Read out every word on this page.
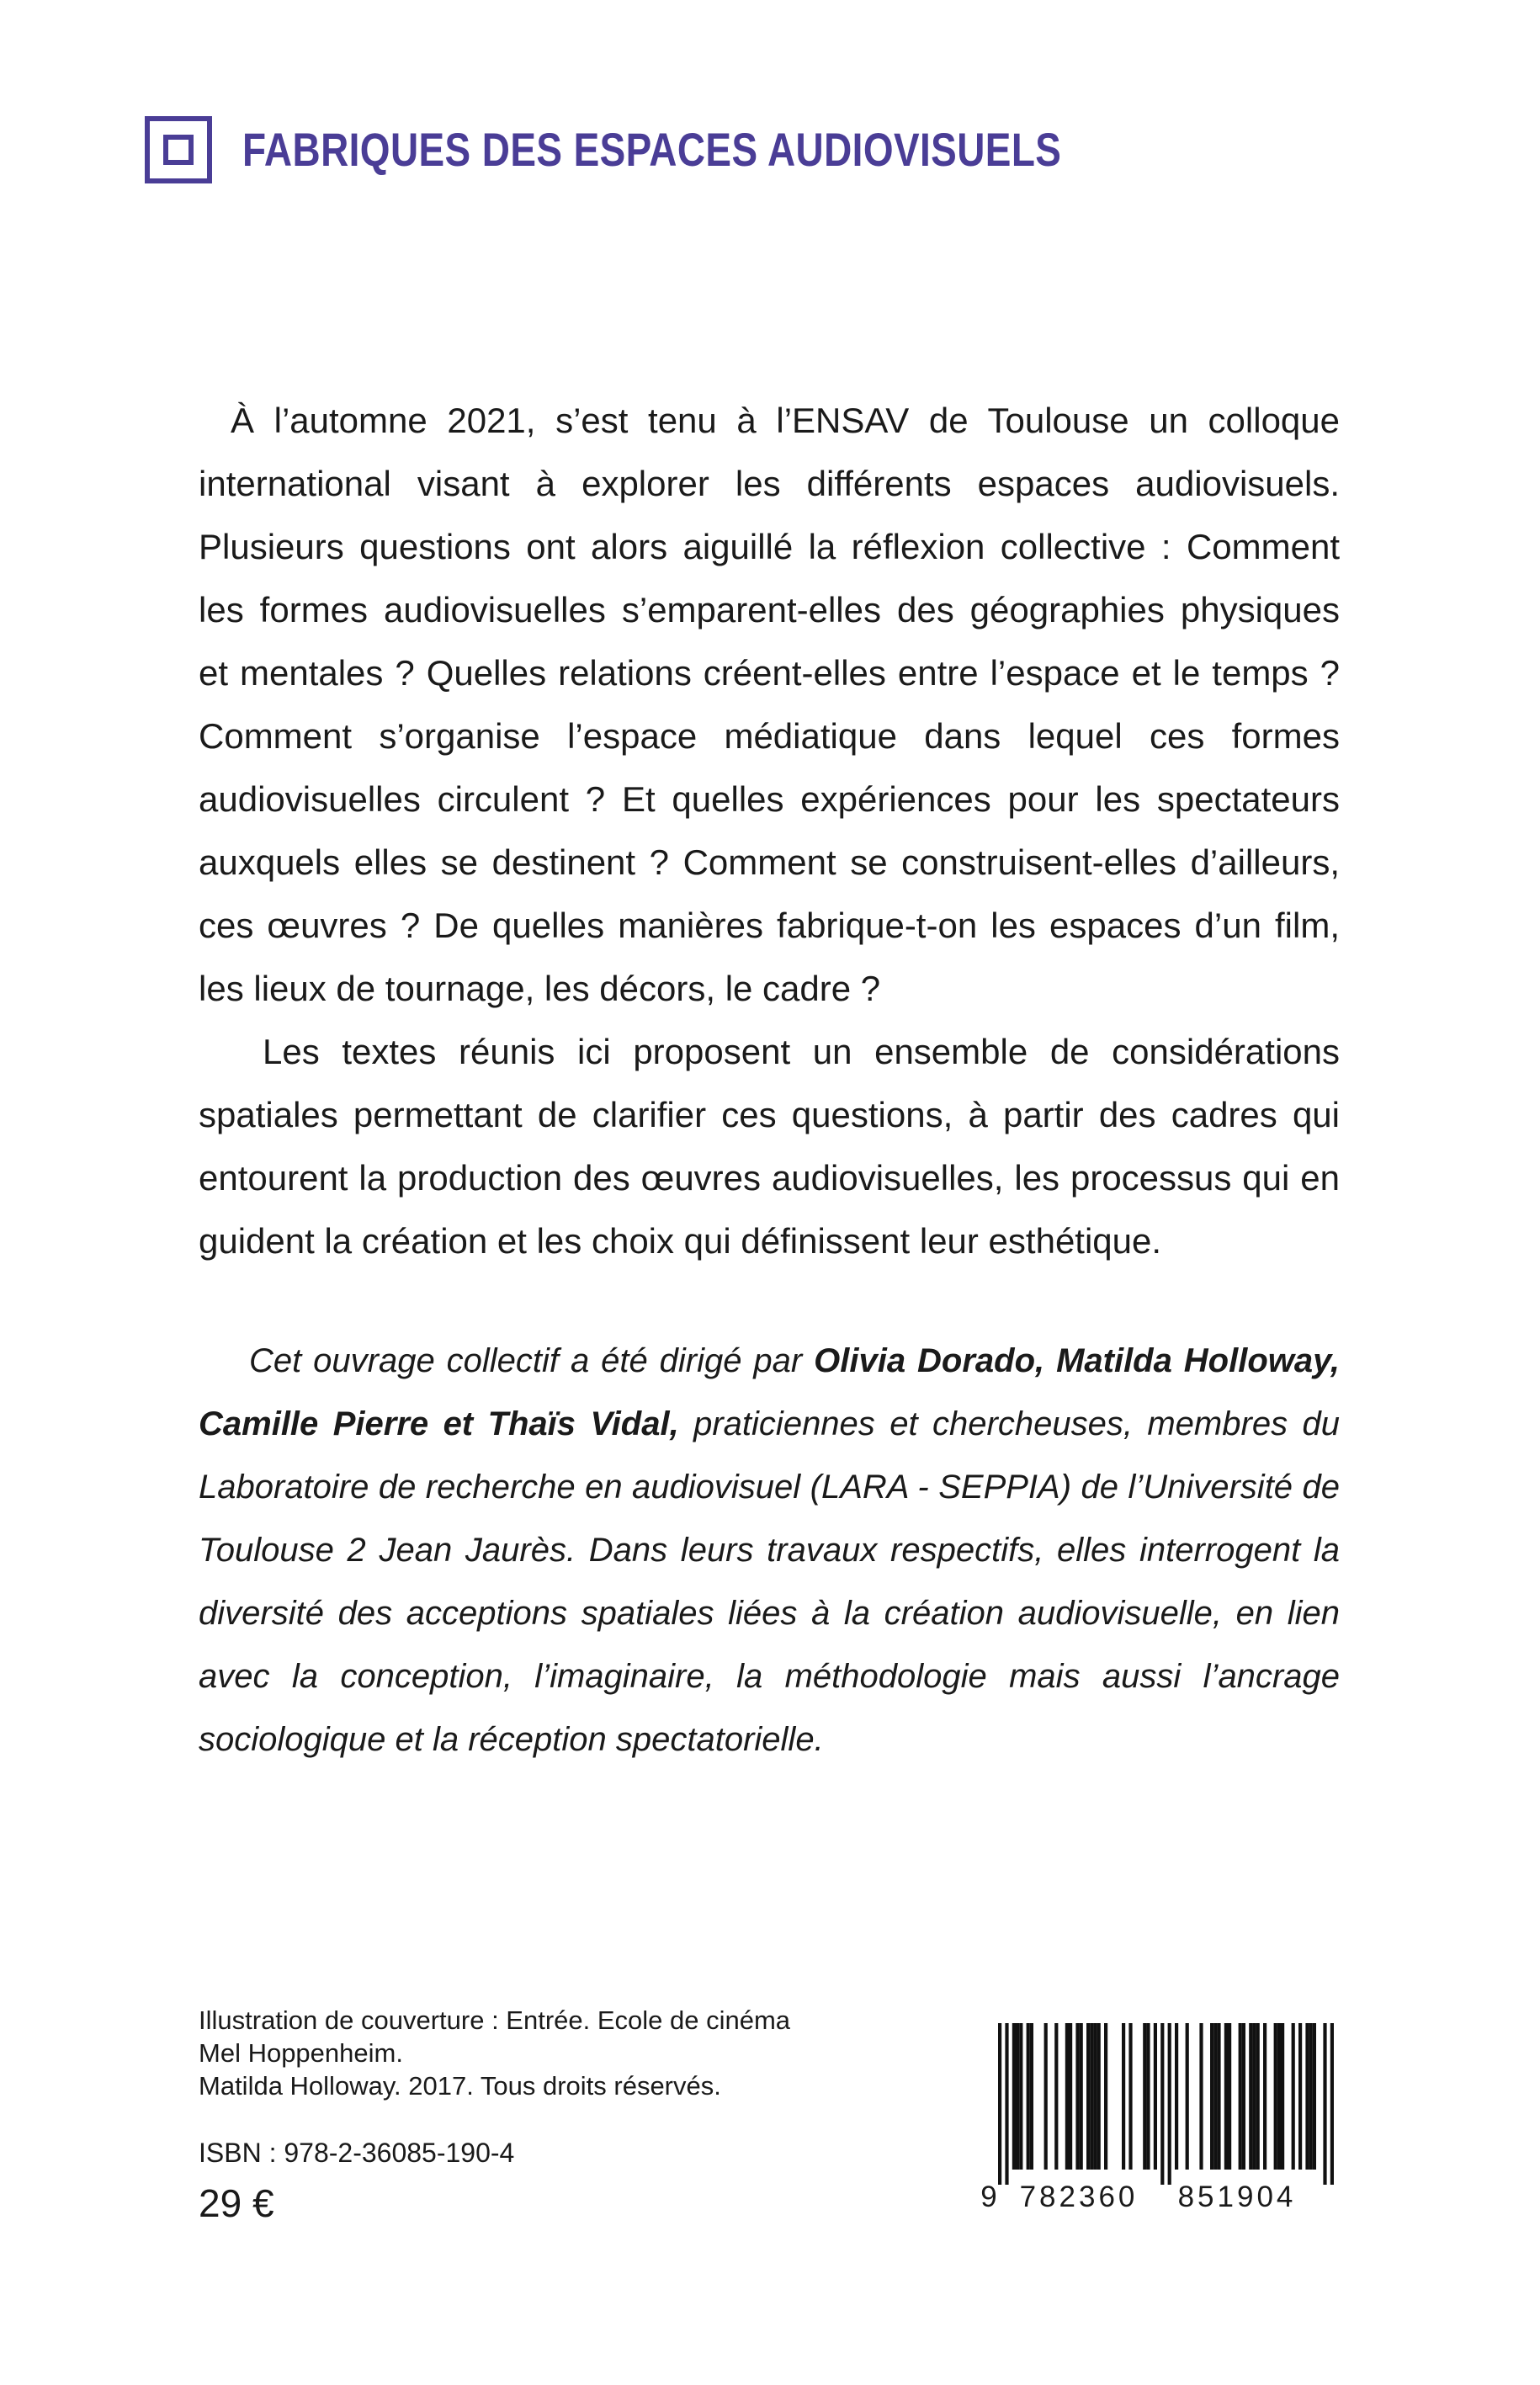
FABRIQUES DES ESPACES AUDIOVISUELS

À l’automne 2021, s’est tenu à l’ENSAV de Toulouse un colloque international visant à explorer les différents espaces audiovisuels. Plusieurs questions ont alors aiguillé la réflexion collective : Comment les formes audiovisuelles s’emparent-elles des géographies physiques et mentales ? Quelles relations créent-elles entre l’espace et le temps ? Comment s’organise l’espace médiatique dans lequel ces formes audiovisuelles circulent ? Et quelles expériences pour les spectateurs auxquels elles se destinent ? Comment se construisent-elles d’ailleurs, ces œuvres ? De quelles manières fabrique-t-on les espaces d’un film, les lieux de tournage, les décors, le cadre ?

Les textes réunis ici proposent un ensemble de considérations spatiales permettant de clarifier ces questions, à partir des cadres qui entourent la production des œuvres audiovisuelles, les processus qui en guident la création et les choix qui définissent leur esthétique.

Cet ouvrage collectif a été dirigé par Olivia Dorado, Matilda Holloway, Camille Pierre et Thaïs Vidal, praticiennes et chercheuses, membres du Laboratoire de recherche en audiovisuel (LARA - SEPPIA) de l’Université de Toulouse 2 Jean Jaurès. Dans leurs travaux respectifs, elles interrogent la diversité des acceptions spatiales liées à la création audiovisuelle, en lien avec la conception, l’imaginaire, la méthodologie mais aussi l’ancrage sociologique et la réception spectatorielle.

Illustration de couverture : Entrée. Ecole de cinéma
Mel Hoppenheim.
Matilda Holloway. 2017. Tous droits réservés.
ISBN : 978-2-36085-190-4
29 €	9 782360 851904
